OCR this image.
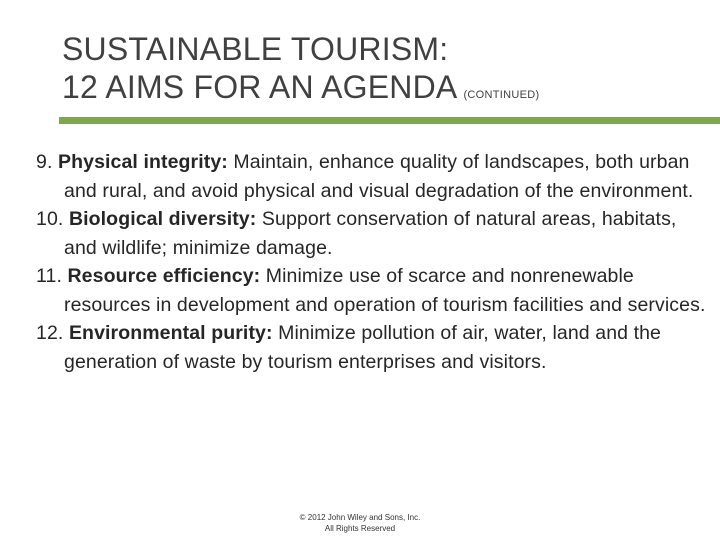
SUSTAINABLE TOURISM:
12 AIMS FOR AN AGENDA (CONTINUED)
9. Physical integrity: Maintain, enhance quality of landscapes, both urban and rural, and avoid physical and visual degradation of the environment.
10. Biological diversity: Support conservation of natural areas, habitats, and wildlife; minimize damage.
11. Resource efficiency: Minimize use of scarce and nonrenewable resources in development and operation of tourism facilities and services.
12. Environmental purity: Minimize pollution of air, water, land and the generation of waste by tourism enterprises and visitors.
© 2012 John Wiley and Sons, Inc.
All Rights Reserved
